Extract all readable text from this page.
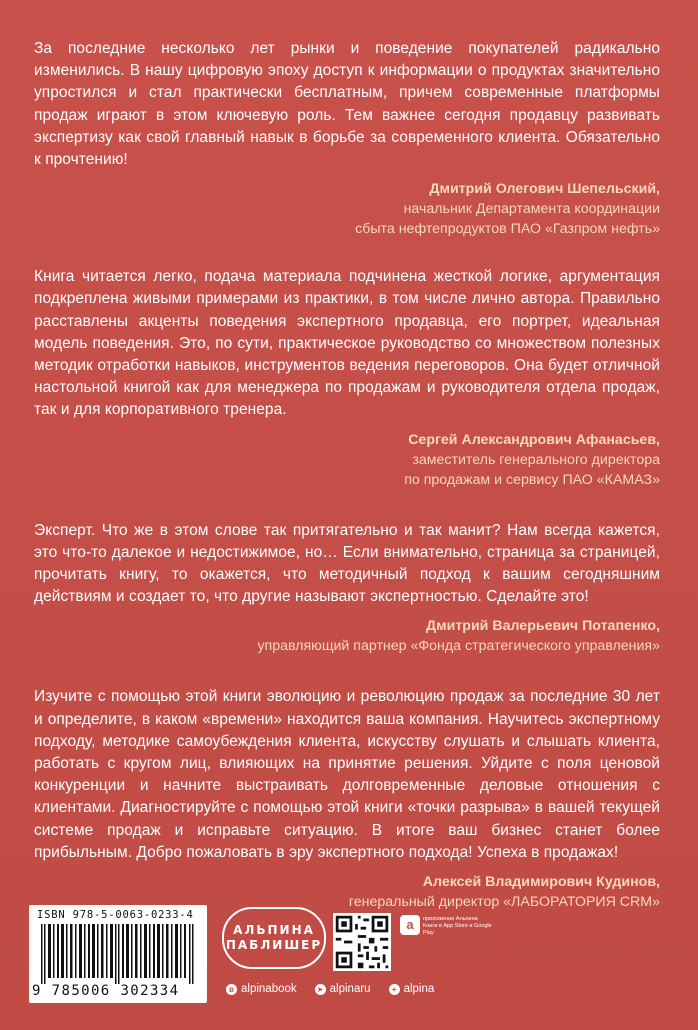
За последние несколько лет рынки и поведение покупателей радикально изменились. В нашу цифровую эпоху доступ к информации о продуктах значительно упростился и стал практически бесплатным, причем современные платформы продаж играют в этом ключевую роль. Тем важнее сегодня продавцу развивать экспертизу как свой главный навык в борьбе за современного клиента. Обязательно к прочтению!

Дмитрий Олегович Шепельский,
начальник Департамента координации
сбыта нефтепродуктов ПАО «Газпром нефть»

Книга читается легко, подача материала подчинена жесткой логике, аргументация подкреплена живыми примерами из практики, в том числе лично автора. Правильно расставлены акценты поведения экспертного продавца, его портрет, идеальная модель поведения. Это, по сути, практическое руководство со множеством полезных методик отработки навыков, инструментов ведения переговоров. Она будет отличной настольной книгой как для менеджера по продажам и руководителя отдела продаж, так и для корпоративного тренера.

Сергей Александрович Афанасьев,
заместитель генерального директора
по продажам и сервису ПАО «КАМАЗ»

Эксперт. Что же в этом слове так притягательно и так манит? Нам всегда кажется, это что-то далекое и недостижимое, но… Если внимательно, страница за страницей, прочитать книгу, то окажется, что методичный подход к вашим сегодняшним действиям и создает то, что другие называют экспертностью. Сделайте это!

Дмитрий Валерьевич Потапенко,
управляющий партнер «Фонда стратегического управления»

Изучите с помощью этой книги эволюцию и революцию продаж за последние 30 лет и определите, в каком «времени» находится ваша компания. Научитесь экспертному подходу, методике самоубеждения клиента, искусству слушать и слышать клиента, работать с кругом лиц, влияющих на принятие решения. Уйдите с поля ценовой конкуренции и начните выстраивать долговременные деловые отношения с клиентами. Диагностируйте с помощью этой книги «точки разрыва» в вашей текущей системе продаж и исправьте ситуацию. В итоге ваш бизнес станет более прибыльным. Добро пожаловать в эру экспертного подхода! Успеха в продажах!

Алексей Владимирович Кудинов,
генеральный директор «ЛАБОРАТОРИЯ CRM»
ISBN 978-5-0063-0233-4
9 785006 302334
АЛЬПИНА
ПАБЛИШЕР
а	приложение Альпина Книги в App Store и Google Play
в alpinabook	➤ alpinaru	+ alpina
